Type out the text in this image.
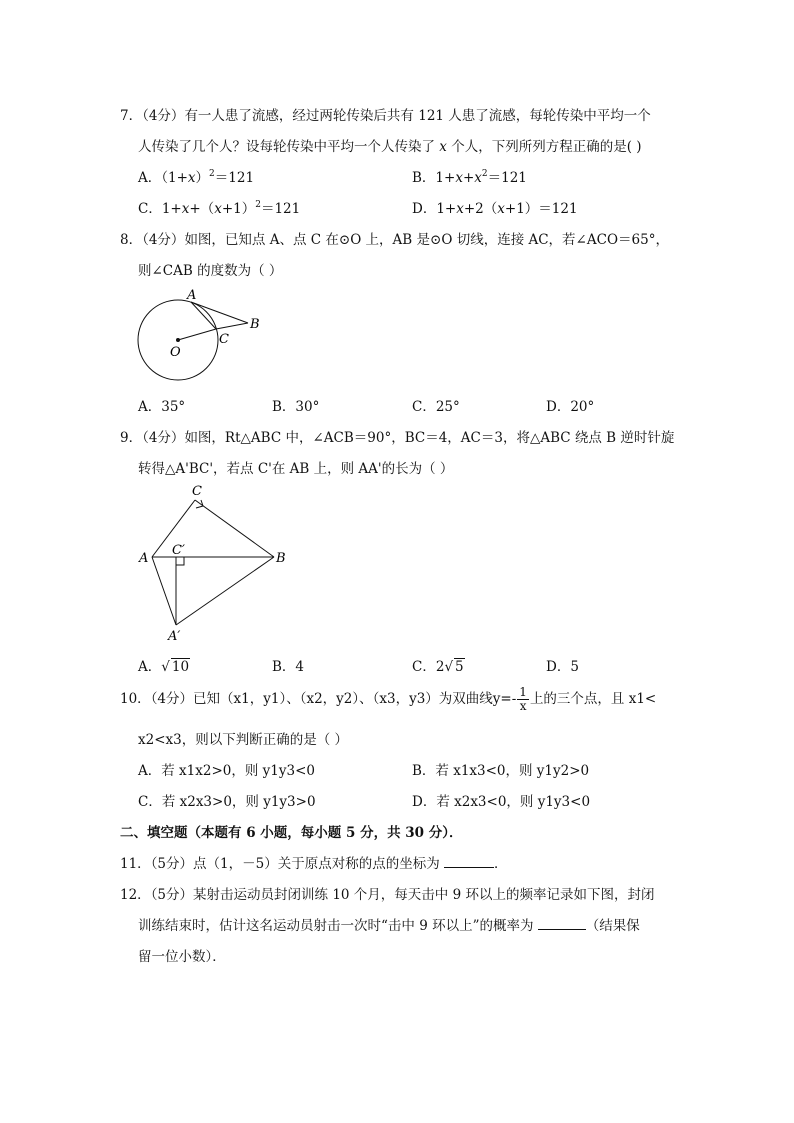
7．（4分）有一人患了流感，经过两轮传染后共有 121 人患了流感，每轮传染中平均一个
人传染了几个人？设每轮传染中平均一个人传染了 x 个人，下列所列方程正确的是( )
A．$(1+x)^2=121$	B．$1+x+x^2=121$
C．$1+x+(x+1)^2=121$	D．1+x+2（x+1）＝121
8．（4分）如图，已知点 A、点 C 在⊙O 上，AB 是⊙O 切线，连接 AC，若∠ACO＝65°，
则∠CAB 的度数为（ ）
A
B
C
O
A．35°	B．30°	C．25°	D．20°
9．（4分）如图，Rt△ABC 中，∠ACB＝90°，BC＝4，AC＝3，将△ABC 绕点 B 逆时针旋
转得△A'BC'，若点 C'在 AB 上，则 AA'的长为（ ）
C
A	B
C′
A′
A．√ 10	B．4	C．2√ 5	D．5
10．（4分）已知（x1，y1）、（x2，y2）、（x3，y3）为双曲线$y=- \frac{1}{x}$ 上的三个点，且 x1<
x2<x3，则以下判断正确的是（ ）
A．若 x1x2>0，则 y1y3<0	B．若 x1x3<0，则 y1y2>0
C．若 x2x3>0，则 y1y3>0	D．若 x2x3<0，则 y1y3<0
二、填空题（本题有 6 小题，每小题 5 分，共 30 分）．
11．（5分）点（1，－5）关于原点对称的点的坐标为	．
12．（5分）某射击运动员封闭训练 10 个月，每天击中 9 环以上的频率记录如下图，封闭
训练结束时，估计这名运动员射击一次时“击中 9 环以上”的概率为	（结果保
留一位小数）．
